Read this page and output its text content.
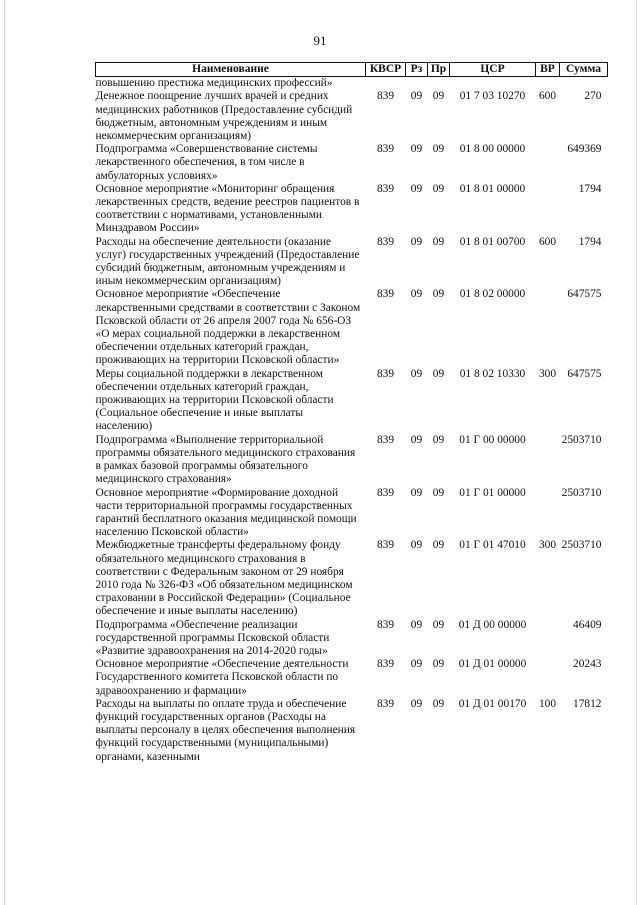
91
Наименование	КВСР	Рз	Пр	ЦСР	ВР	Сумма
повышению престижа медицинских профессий»						
Денежное поощрение лучших врачей и средних медицинских работников (Предоставление субсидий бюджетным, автономным учреждениям и иным некоммерческим организациям)	839	09	09	01 7 03 10270	600	270
Подпрограмма «Совершенствование системы лекарственного обеспечения, в том числе в амбулаторных условиях»	839	09	09	01 8 00 00000		649369
Основное мероприятие «Мониторинг обращения лекарственных средств, ведение реестров пациентов в соответствии с нормативами, установленными Минздравом России»	839	09	09	01 8 01 00000		1794
Расходы на обеспечение деятельности (оказание услуг) государственных учреждений (Предоставление субсидий бюджетным, автономным учреждениям и иным некоммерческим организациям)	839	09	09	01 8 01 00700	600	1794
Основное мероприятие «Обеспечение лекарственными средствами в соответствии с Законом Псковской области от 26 апреля 2007 года № 656-ОЗ «О мерах социальной поддержки в лекарственном обеспечении отдельных категорий граждан, проживающих на территории Псковской области»	839	09	09	01 8 02 00000		647575
Меры социальной поддержки в лекарственном обеспечении отдельных категорий граждан, проживающих на территории Псковской области (Социальное обеспечение и иные выплаты населению)	839	09	09	01 8 02 10330	300	647575
Подпрограмма «Выполнение территориальной программы обязательного медицинского страхования в рамках базовой программы обязательного медицинского страхования»	839	09	09	01 Г 00 00000		2503710
Основное мероприятие «Формирование доходной части территориальной программы государственных гарантий бесплатного оказания медицинской помощи населению Псковской области»	839	09	09	01 Г 01 00000		2503710
Межбюджетные трансферты федеральному фонду обязательного медицинского страхования в соответствии с Федеральным законом от 29 ноября 2010 года № 326-ФЗ «Об обязательном медицинском страховании в Российской Федерации» (Социальное обеспечение и иные выплаты населению)	839	09	09	01 Г 01 47010	300	2503710
Подпрограмма «Обеспечение реализации государственной программы Псковской области «Развитие здравоохранения на 2014-2020 годы»	839	09	09	01 Д 00 00000		46409
Основное мероприятие «Обеспечение деятельности Государственного комитета Псковской области по здравоохранению и фармации»	839	09	09	01 Д 01 00000		20243
Расходы на выплаты по оплате труда и обеспечение функций государственных органов (Расходы на выплаты персоналу в целях обеспечения выполнения функций государственными (муниципальными) органами, казенными	839	09	09	01 Д 01 00170	100	17812
